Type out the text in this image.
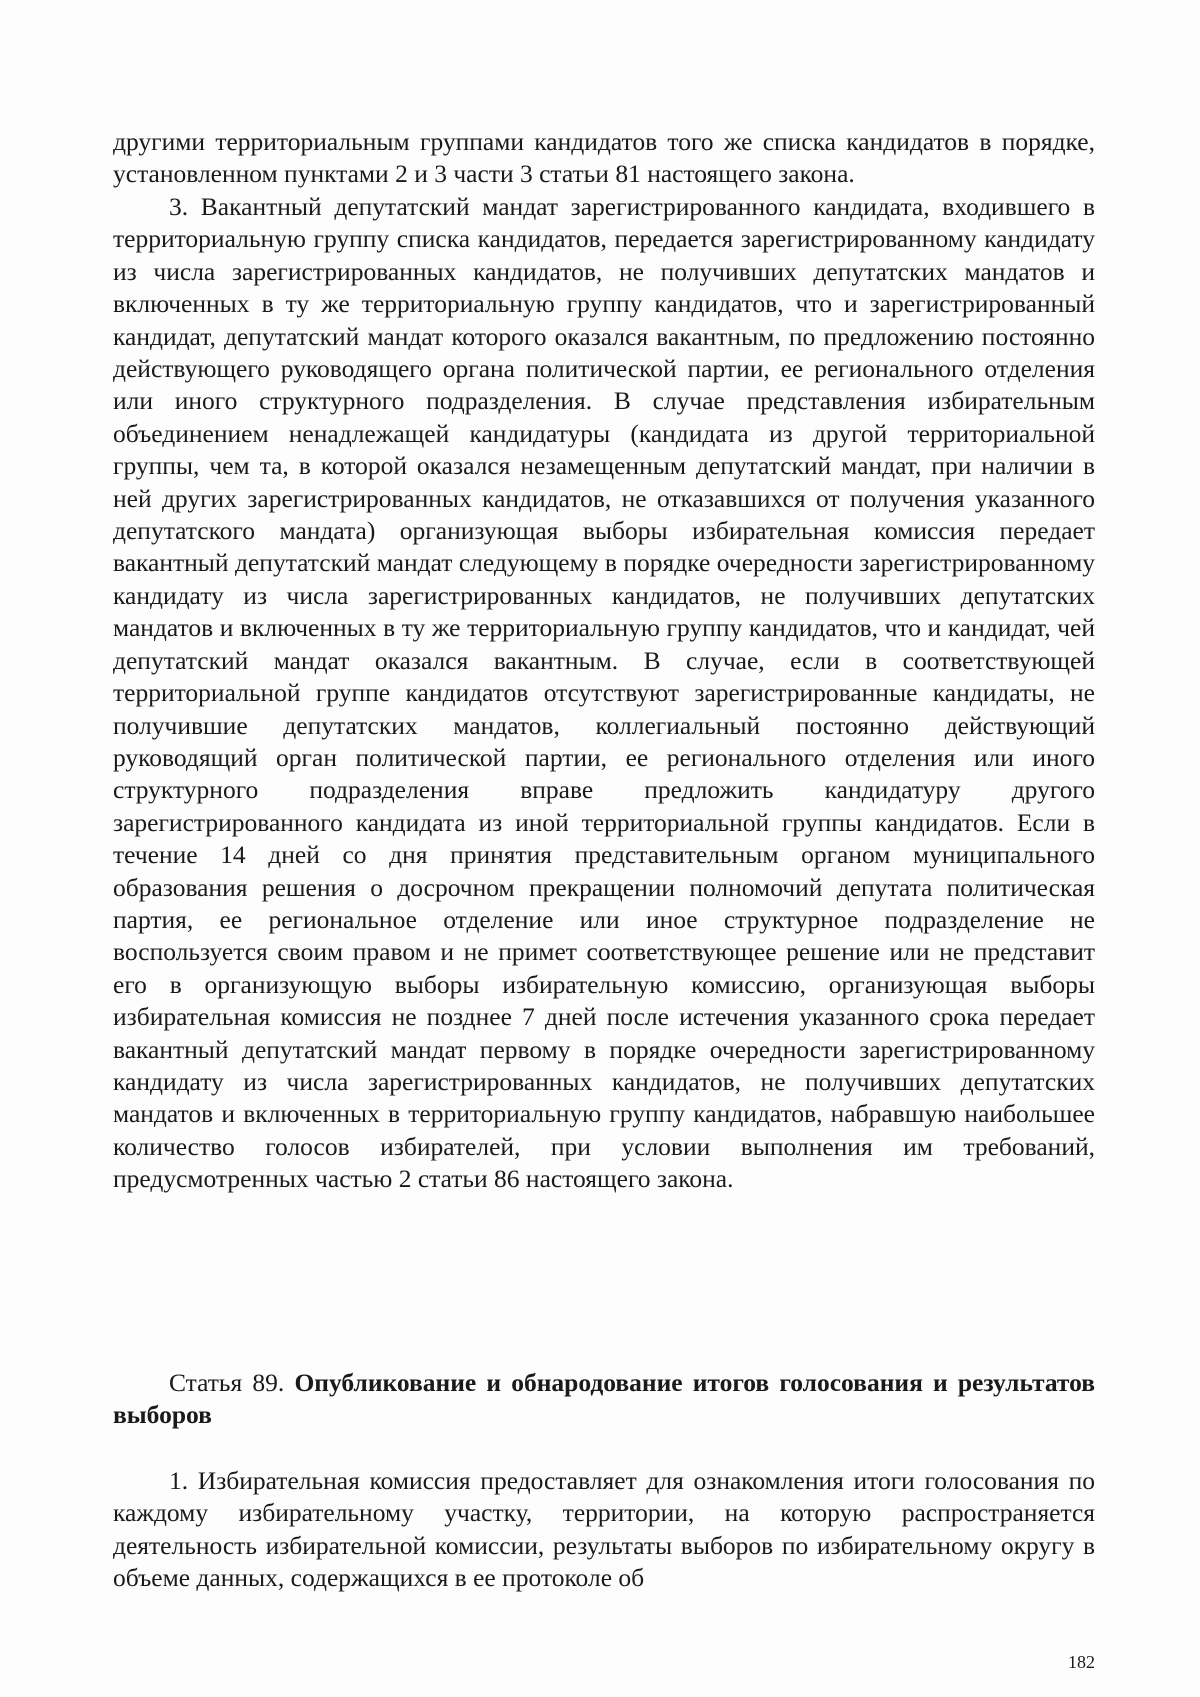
другими территориальным группами кандидатов того же списка кандидатов в порядке, установленном пунктами 2 и 3 части 3 статьи 81 настоящего закона.

3. Вакантный депутатский мандат зарегистрированного кандидата, входившего в территориальную группу списка кандидатов, передается зарегистрированному кандидату из числа зарегистрированных кандидатов, не получивших депутатских мандатов и включенных в ту же территориальную группу кандидатов, что и зарегистрированный кандидат, депутатский мандат которого оказался вакантным, по предложению постоянно действующего руководящего органа политической партии, ее регионального отделения или иного структурного подразделения. В случае представления избирательным объединением ненадлежащей кандидатуры (кандидата из другой территориальной группы, чем та, в которой оказался незамещенным депутатский мандат, при наличии в ней других зарегистрированных кандидатов, не отказавшихся от получения указанного депутатского мандата) организующая выборы избирательная комиссия передает вакантный депутатский мандат следующему в порядке очередности зарегистрированному кандидату из числа зарегистрированных кандидатов, не получивших депутатских мандатов и включенных в ту же территориальную группу кандидатов, что и кандидат, чей депутатский мандат оказался вакантным. В случае, если в соответствующей территориальной группе кандидатов отсутствуют зарегистрированные кандидаты, не получившие депутатских мандатов, коллегиальный постоянно действующий руководящий орган политической партии, ее регионального отделения или иного структурного подразделения вправе предложить кандидатуру другого зарегистрированного кандидата из иной территориальной группы кандидатов. Если в течение 14 дней со дня принятия представительным органом муниципального образования решения о досрочном прекращении полномочий депутата политическая партия, ее региональное отделение или иное структурное подразделение не воспользуется своим правом и не примет соответствующее решение или не представит его в организующую выборы избирательную комиссию, организующая выборы избирательная комиссия не позднее 7 дней после истечения указанного срока передает вакантный депутатский мандат первому в порядке очередности зарегистрированному кандидату из числа зарегистрированных кандидатов, не получивших депутатских мандатов и включенных в территориальную группу кандидатов, набравшую наибольшее количество голосов избирателей, при условии выполнения им требований, предусмотренных частью 2 статьи 86 настоящего закона.

Статья 89. Опубликование и обнародование итогов голосования и результатов выборов

1. Избирательная комиссия предоставляет для ознакомления итоги голосования по каждому избирательному участку, территории, на которую распространяется деятельность избирательной комиссии, результаты выборов по избирательному округу в объеме данных, содержащихся в ее протоколе об

182
